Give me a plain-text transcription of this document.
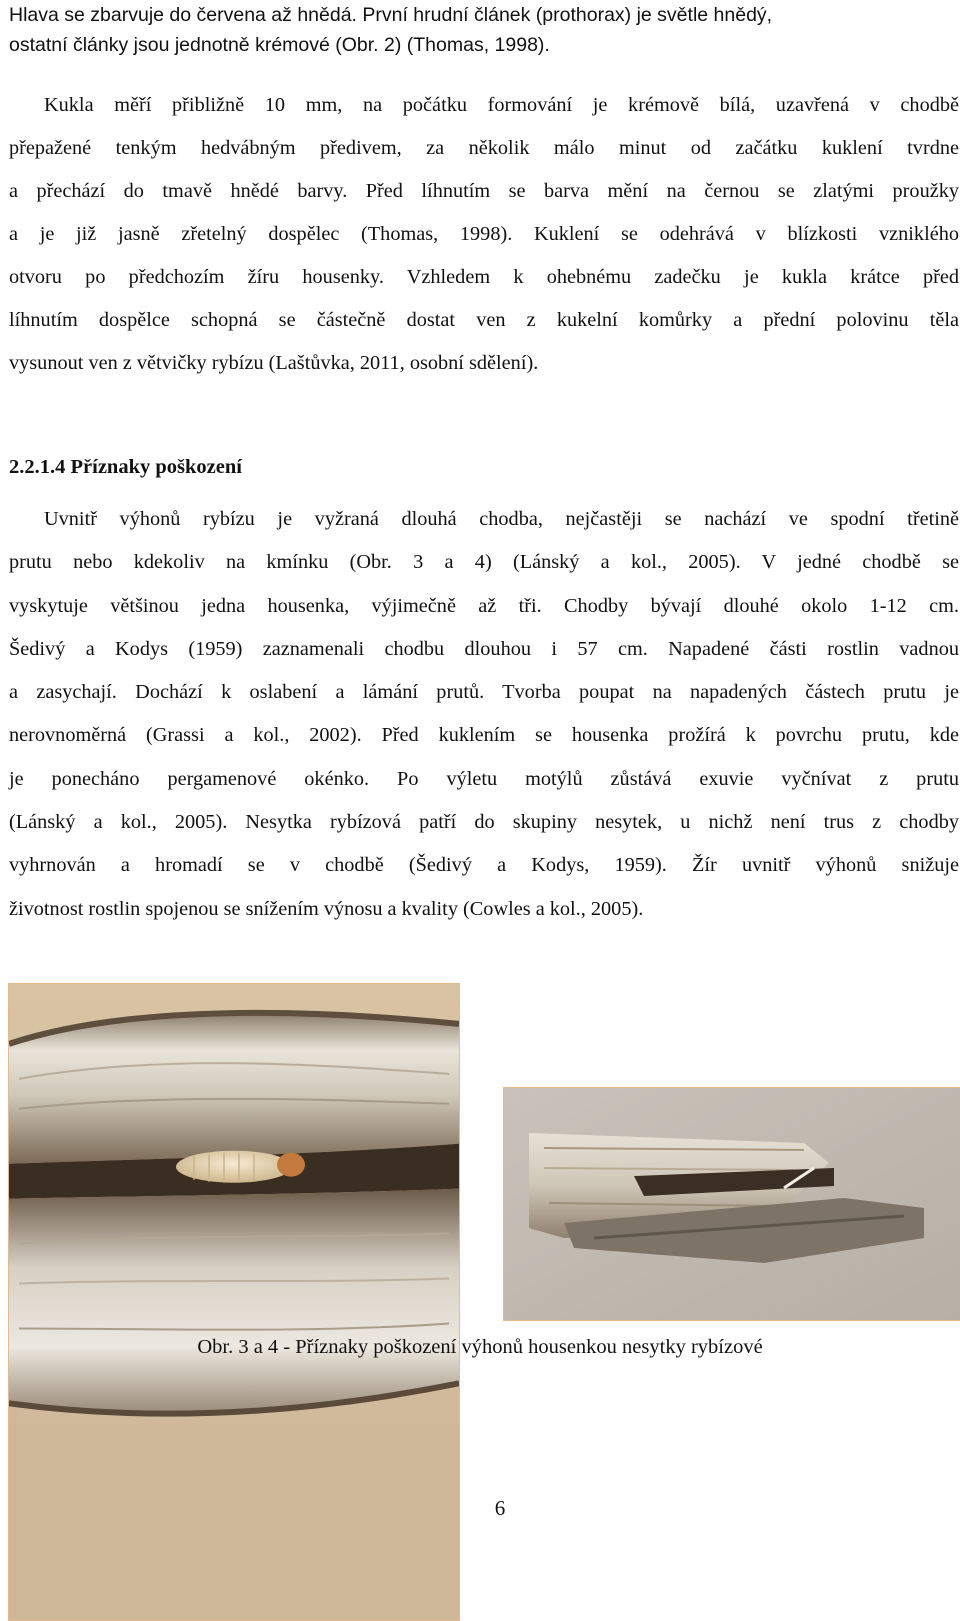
Hlava se zbarvuje do červena až hnědá. První hrudní článek (prothorax) je světle hnědý,
ostatní články jsou jednotně krémové (Obr. 2) (Thomas, 1998).
Kukla měří přibližně 10 mm, na počátku formování je krémově bílá, uzavřená v chodbě
přepažené tenkým hedvábným předivem, za několik málo minut od začátku kuklení tvrdne
a přechází do tmavě hnědé barvy. Před líhnutím se barva mění na černou se zlatými proužky
a je již jasně zřetelný dospělec (Thomas, 1998). Kuklení se odehrává v blízkosti vzniklého
otvoru po předchozím žíru housenky. Vzhledem k ohebnému zadečku je kukla krátce před
líhnutím dospělce schopná se částečně dostat ven z kukelní komůrky a přední polovinu těla
vysunout ven z větvičky rybízu (Laštůvka, 2011, osobní sdělení).
2.2.1.4 Příznaky poškození
Uvnitř výhonů rybízu je vyžraná dlouhá chodba, nejčastěji se nachází ve spodní třetině
prutu nebo kdekoliv na kmínku (Obr. 3 a 4) (Lánský a kol., 2005). V jedné chodbě se
vyskytuje většinou jedna housenka, výjimečně až tři. Chodby bývají dlouhé okolo 1-12 cm.
Šedivý a Kodys (1959) zaznamenali chodbu dlouhou i 57 cm. Napadené části rostlin vadnou
a zasychají. Dochází k oslabení a lámání prutů. Tvorba poupat na napadených částech prutu je
nerovnoměrná (Grassi a kol., 2002). Před kuklením se housenka prožírá k povrchu prutu, kde
je ponecháno pergamenové okénko. Po výletu motýlů zůstává exuvie vyčnívat z prutu
(Lánský a kol., 2005). Nesytka rybízová patří do skupiny nesytek, u nichž není trus z chodby
vyhrnován a hromadí se v chodbě (Šedivý a Kodys, 1959). Žír uvnitř výhonů snižuje
životnost rostlin spojenou se snížením výnosu a kvality (Cowles a kol., 2005).
Obr. 3 a 4 - Příznaky poškození výhonů housenkou nesytky rybízové
6
